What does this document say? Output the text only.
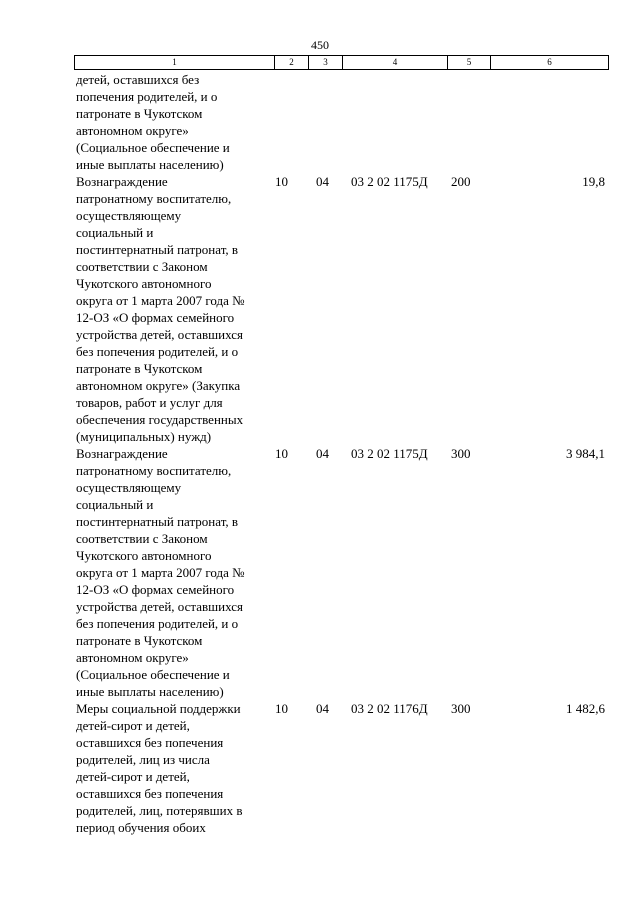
450
1	2	3	4	5	6
детей, оставшихся без
попечения родителей, и о
патронате в Чукотском
автономном округе»
(Социальное обеспечение и
иные выплаты населению)
Вознаграждение
патронатному воспитателю,
осуществляющему
социальный и
постинтернатный патронат, в
соответствии с Законом
Чукотского автономного
округа от 1 марта 2007 года №
12-ОЗ «О формах семейного
устройства детей, оставшихся
без попечения родителей, и о
патронате в Чукотском
автономном округе» (Закупка
товаров, работ и услуг для
обеспечения государственных
(муниципальных) нужд)
10	04	03 2 02 1175Д	200	19,8
Вознаграждение
патронатному воспитателю,
осуществляющему
социальный и
постинтернатный патронат, в
соответствии с Законом
Чукотского автономного
округа от 1 марта 2007 года №
12-ОЗ «О формах семейного
устройства детей, оставшихся
без попечения родителей, и о
патронате в Чукотском
автономном округе»
(Социальное обеспечение и
иные выплаты населению)
10	04	03 2 02 1175Д	300	3 984,1
Меры социальной поддержки
детей-сирот и детей,
оставшихся без попечения
родителей, лиц из числа
детей-сирот и детей,
оставшихся без попечения
родителей, лиц, потерявших в
период обучения обоих
10	04	03 2 02 1176Д	300	1 482,6
